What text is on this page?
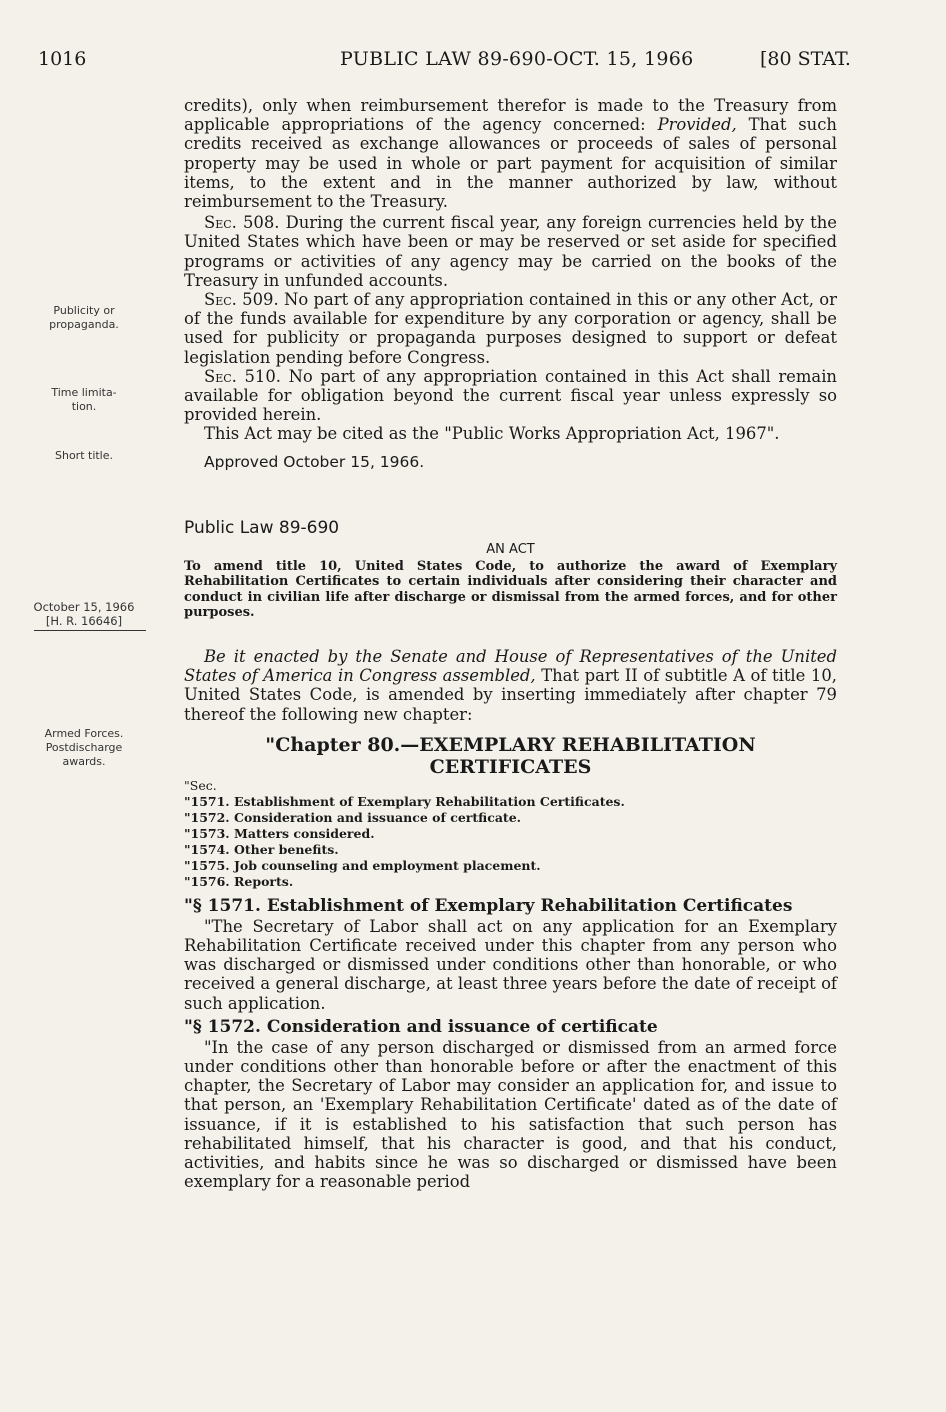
1016	PUBLIC LAW 89-690-OCT. 15, 1966	[80 STAT.
Publicity or
propaganda.
Time limita-
tion.
Short title.
October 15, 1966
[H. R. 16646]
Armed Forces.
Postdischarge
awards.

credits), only when reimbursement therefor is made to the Treasury from applicable appropriations of the agency concerned: Provided, That such credits received as exchange allowances or proceeds of sales of personal property may be used in whole or part payment for acquisition of similar items, to the extent and in the manner authorized by law, without reimbursement to the Treasury.

Sec. 508. During the current fiscal year, any foreign currencies held by the United States which have been or may be reserved or set aside for specified programs or activities of any agency may be carried on the books of the Treasury in unfunded accounts.

Sec. 509. No part of any appropriation contained in this or any other Act, or of the funds available for expenditure by any corporation or agency, shall be used for publicity or propaganda purposes designed to support or defeat legislation pending before Congress.

Sec. 510. No part of any appropriation contained in this Act shall remain available for obligation beyond the current fiscal year unless expressly so provided herein.

This Act may be cited as the "Public Works Appropriation Act, 1967".

Approved October 15, 1966.

Public Law 89-690

AN ACT

To amend title 10, United States Code, to authorize the award of Exemplary Rehabilitation Certificates to certain individuals after considering their character and conduct in civilian life after discharge or dismissal from the armed forces, and for other purposes.

Be it enacted by the Senate and House of Representatives of the United States of America in Congress assembled, That part II of subtitle A of title 10, United States Code, is amended by inserting immediately after chapter 79 thereof the following new chapter:

"Chapter 80.—EXEMPLARY REHABILITATION

CERTIFICATES

"Sec.

"1571. Establishment of Exemplary Rehabilitation Certificates.

"1572. Consideration and issuance of certficate.

"1573. Matters considered.

"1574. Other benefits.

"1575. Job counseling and employment placement.

"1576. Reports.

"§ 1571. Establishment of Exemplary Rehabilitation Certificates

"The Secretary of Labor shall act on any application for an Exemplary Rehabilitation Certificate received under this chapter from any person who was discharged or dismissed under conditions other than honorable, or who received a general discharge, at least three years before the date of receipt of such application.

"§ 1572. Consideration and issuance of certificate

"In the case of any person discharged or dismissed from an armed force under conditions other than honorable before or after the enactment of this chapter, the Secretary of Labor may consider an application for, and issue to that person, an 'Exemplary Rehabilitation Certificate' dated as of the date of issuance, if it is established to his satisfaction that such person has rehabilitated himself, that his character is good, and that his conduct, activities, and habits since he was so discharged or dismissed have been exemplary for a reasonable period
